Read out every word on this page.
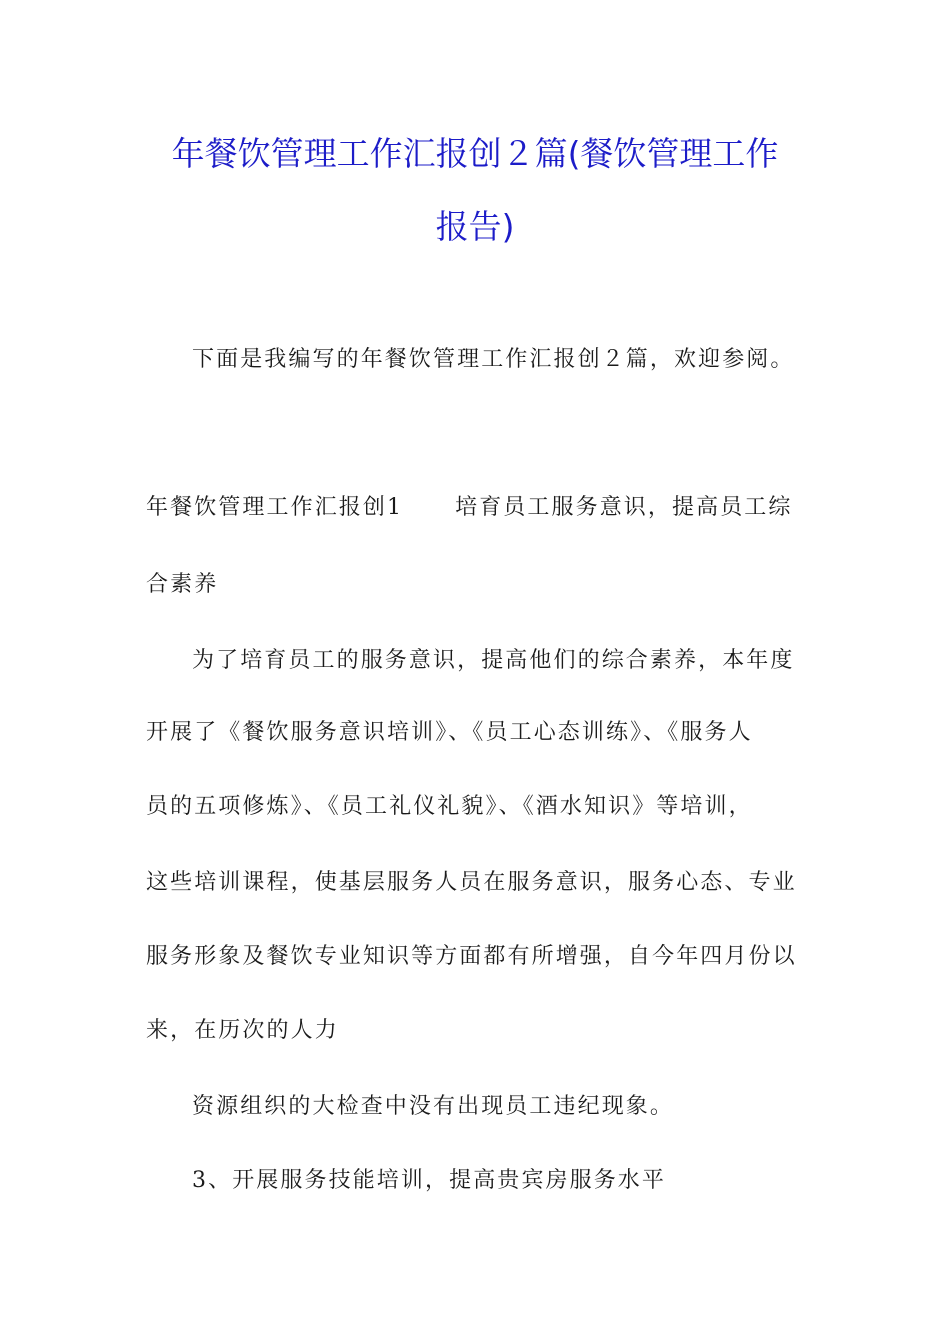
年餐饮管理工作汇报创２篇(餐饮管理工作
报告)
下面是我编写的年餐饮管理工作汇报创２篇，欢迎参阅。
年餐饮管理工作汇报创1 培育员工服务意识，提高员工综
合素养
为了培育员工的服务意识，提高他们的综合素养，本年度
开展了《餐饮服务意识培训》、《员工心态训练》、《服务人
员的五项修炼》、《员工礼仪礼貌》、《酒水知识》等培训，
这些培训课程，使基层服务人员在服务意识，服务心态、专业
服务形象及餐饮专业知识等方面都有所增强，自今年四月份以
来，在历次的人力
资源组织的大检查中没有出现员工违纪现象。
3、开展服务技能培训，提高贵宾房服务水平
